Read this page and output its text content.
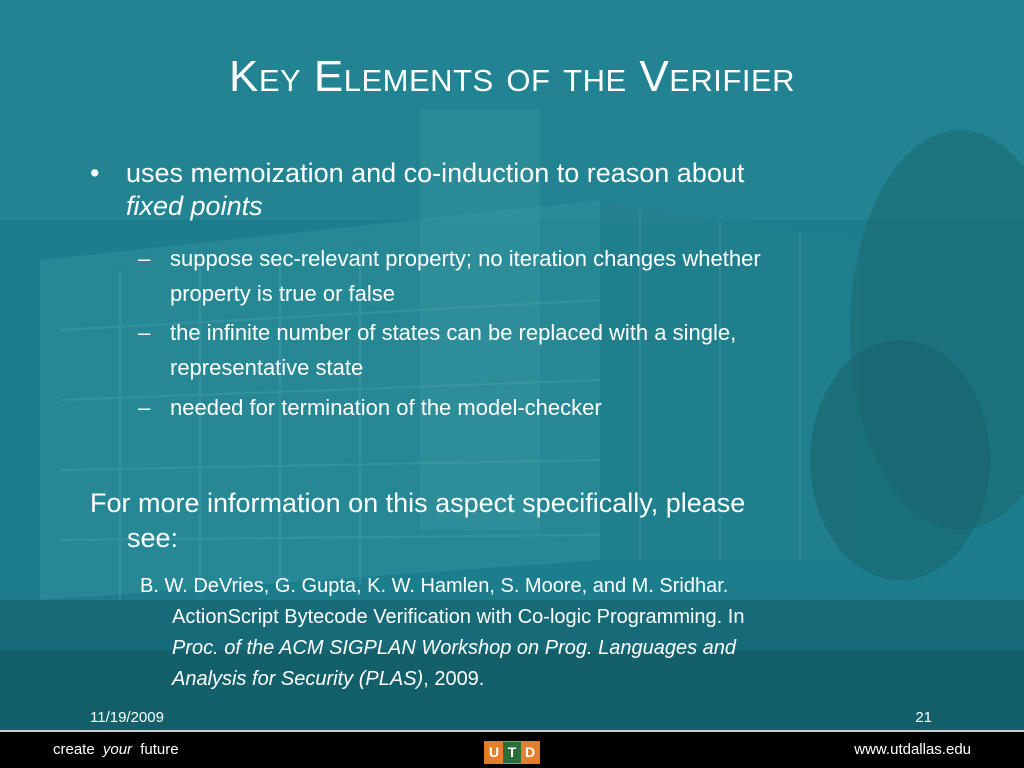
Key Elements of the Verifier
• uses memoization and co-induction to reason about
fixed points
– suppose sec-relevant property; no iteration changes whether
property is true or false
– the infinite number of states can be replaced with a single,
representative state
– needed for termination of the model-checker
For more information on this aspect specifically, please
see:
B. W. DeVries, G. Gupta, K. W. Hamlen, S. Moore, and M. Sridhar.
ActionScript Bytecode Verification with Co-logic Programming. In
Proc. of the ACM SIGPLAN Workshop on Prog. Languages and
Analysis for Security (PLAS), 2009.
11/19/2009	21
create your future	U T D	www.utdallas.edu
